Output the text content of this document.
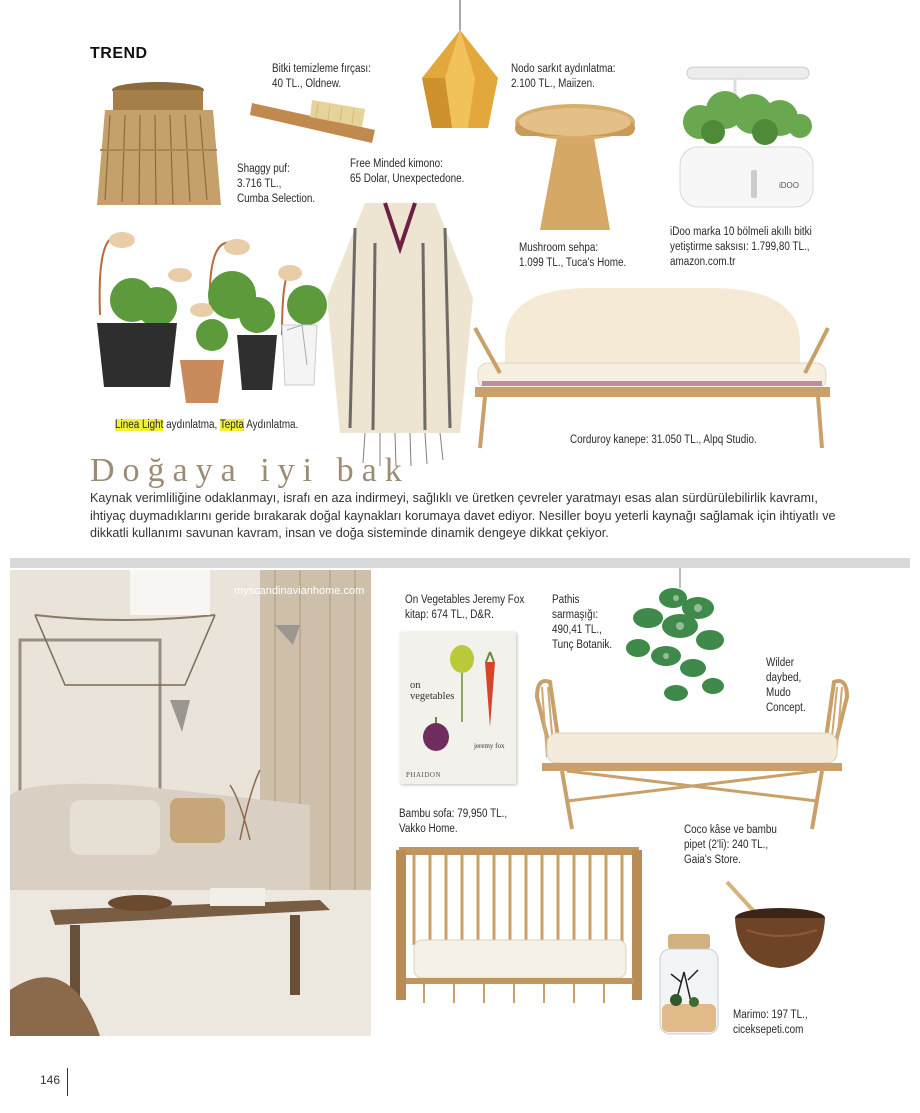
TREND
iDOO
Bitki temizleme fırçası:
40 TL., Oldnew.
Nodo sarkıt aydınlatma:
2.100 TL., Maiizen.
Shaggy puf:
3.716 TL.,
Cumba Selection.
Free Minded kimono:
65 Dolar, Unexpectedone.
Mushroom sehpa:
1.099 TL., Tuca's Home.
iDoo marka 10 bölmeli akıllı bitki
yetiştirme saksısı: 1.799,80 TL.,
amazon.com.tr
Linea Light aydınlatma, Tepta Aydınlatma.
Corduroy kanepe: 31.050 TL., Alpq Studio.
Doğaya iyi bak
Kaynak verimliliğine odaklanmayı, israfı en aza indirmeyi, sağlıklı ve üretken çevreler yaratmayı esas alan sürdürülebilirlik kavramı, ihtiyaç duymadıklarını geride bırakarak doğal kaynakları korumaya davet ediyor. Nesiller boyu yeterli kaynağı sağlamak için ihtiyatlı ve dikkatli kullanımı savunan kavram, insan ve doğa sisteminde dinamik dengeye dikkat çekiyor.
myscandinavianhome.com
on
vegetables
jeremy fox
PHAIDON
On Vegetables Jeremy Fox
kitap: 674 TL., D&R.
Pathis
sarmaşığı:
490,41 TL.,
Tunç Botanik.
Wilder
daybed,
Mudo
Concept.
Bambu sofa: 79,950 TL.,
Vakko Home.	Coco kâse ve bambu
pipet (2'li): 240 TL.,
Gaia's Store.
Marimo: 197 TL.,
ciceksepeti.com
146
